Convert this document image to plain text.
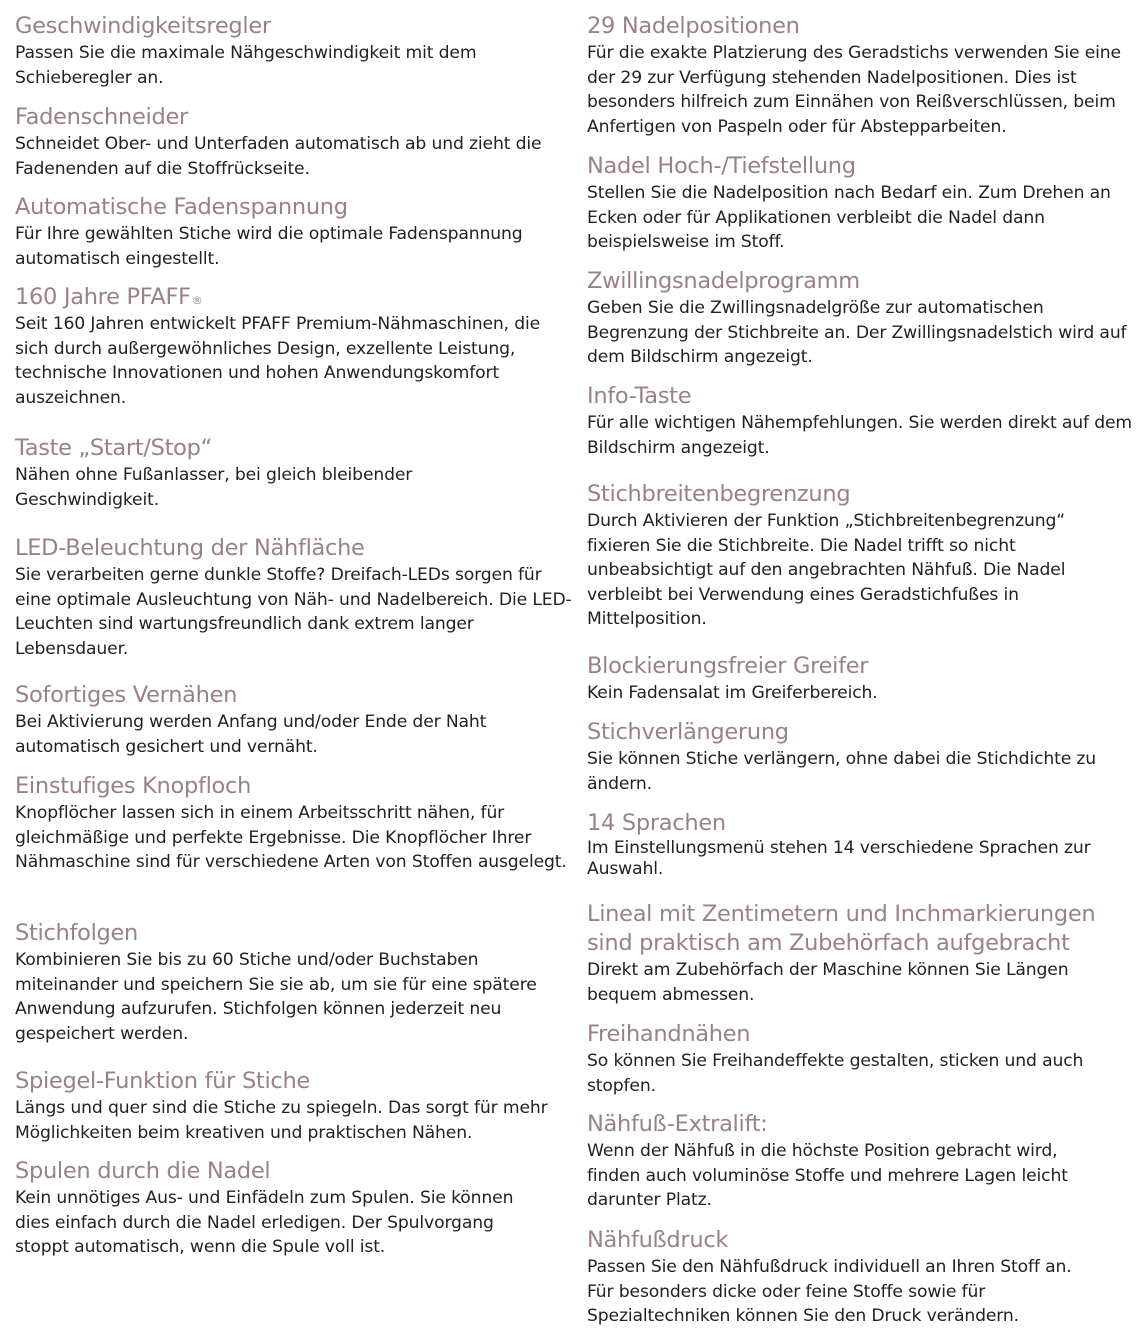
Geschwindigkeitsregler

Passen Sie die maximale Nähgeschwindigkeit mit dem Schieberegler an.

Fadenschneider

Schneidet Ober- und Unterfaden automatisch ab und zieht die Fadenenden auf die Stoffrückseite.

Automatische Fadenspannung

Für Ihre gewählten Stiche wird die optimale Fadenspannung automatisch eingestellt.

160 Jahre PFAFF®

Seit 160 Jahren entwickelt PFAFF Premium-Nähmaschinen, die sich durch außergewöhnliches Design, exzellente Leistung, technische Innovationen und hohen Anwendungskomfort auszeichnen.

Taste „Start/Stop“

Nähen ohne Fußanlasser, bei gleich bleibender Geschwindigkeit.

LED-Beleuchtung der Nähfläche

Sie verarbeiten gerne dunkle Stoffe? Dreifach-LEDs sorgen für eine optimale Ausleuchtung von Näh- und Nadelbereich. Die LED-Leuchten sind wartungsfreundlich dank extrem langer Lebensdauer.

Sofortiges Vernähen

Bei Aktivierung werden Anfang und/oder Ende der Naht automatisch gesichert und vernäht.

Einstufiges Knopfloch

Knopflöcher lassen sich in einem Arbeitsschritt nähen, für gleichmäßige und perfekte Ergebnisse. Die Knopflöcher Ihrer Nähmaschine sind für verschiedene Arten von Stoffen ausgelegt.

Stichfolgen

Kombinieren Sie bis zu 60 Stiche und/oder Buchstaben miteinander und speichern Sie sie ab, um sie für eine spätere Anwendung aufzurufen. Stichfolgen können jederzeit neu gespeichert werden.

Spiegel-Funktion für Stiche

Längs und quer sind die Stiche zu spiegeln. Das sorgt für mehr Möglichkeiten beim kreativen und praktischen Nähen.

Spulen durch die Nadel

Kein unnötiges Aus- und Einfädeln zum Spulen. Sie können dies einfach durch die Nadel erledigen. Der Spulvorgang stoppt automatisch, wenn die Spule voll ist.

29 Nadelpositionen

Für die exakte Platzierung des Geradstichs verwenden Sie eine der 29 zur Verfügung stehenden Nadelpositionen. Dies ist besonders hilfreich zum Einnähen von Reißverschlüssen, beim Anfertigen von Paspeln oder für Abstepparbeiten.

Nadel Hoch-/Tiefstellung

Stellen Sie die Nadelposition nach Bedarf ein. Zum Drehen an Ecken oder für Applikationen verbleibt die Nadel dann beispielsweise im Stoff.

Zwillingsnadelprogramm

Geben Sie die Zwillingsnadelgröße zur automatischen Begrenzung der Stichbreite an. Der Zwillingsnadelstich wird auf dem Bildschirm angezeigt.

Info-Taste

Für alle wichtigen Nähempfehlungen. Sie werden direkt auf dem Bildschirm angezeigt.

Stichbreitenbegrenzung

Durch Aktivieren der Funktion „Stichbreitenbegrenzung“ fixieren Sie die Stichbreite. Die Nadel trifft so nicht unbeabsichtigt auf den angebrachten Nähfuß. Die Nadel verbleibt bei Verwendung eines Geradstichfußes in Mittelposition.

Blockierungsfreier Greifer

Kein Fadensalat im Greiferbereich.

Stichverlängerung

Sie können Stiche verlängern, ohne dabei die Stichdichte zu ändern.

14 Sprachen

Im Einstellungsmenü stehen 14 verschiedene Sprachen zur Auswahl.

Lineal mit Zentimetern und Inchmarkierungen sind praktisch am Zubehörfach aufgebracht

Direkt am Zubehörfach der Maschine können Sie Längen bequem abmessen.

Freihandnähen

So können Sie Freihandeffekte gestalten, sticken und auch stopfen.

Nähfuß-Extralift:

Wenn der Nähfuß in die höchste Position gebracht wird, finden auch voluminöse Stoffe und mehrere Lagen leicht darunter Platz.

Nähfußdruck

Passen Sie den Nähfußdruck individuell an Ihren Stoff an. Für besonders dicke oder feine Stoffe sowie für Spezialtechniken können Sie den Druck verändern.
